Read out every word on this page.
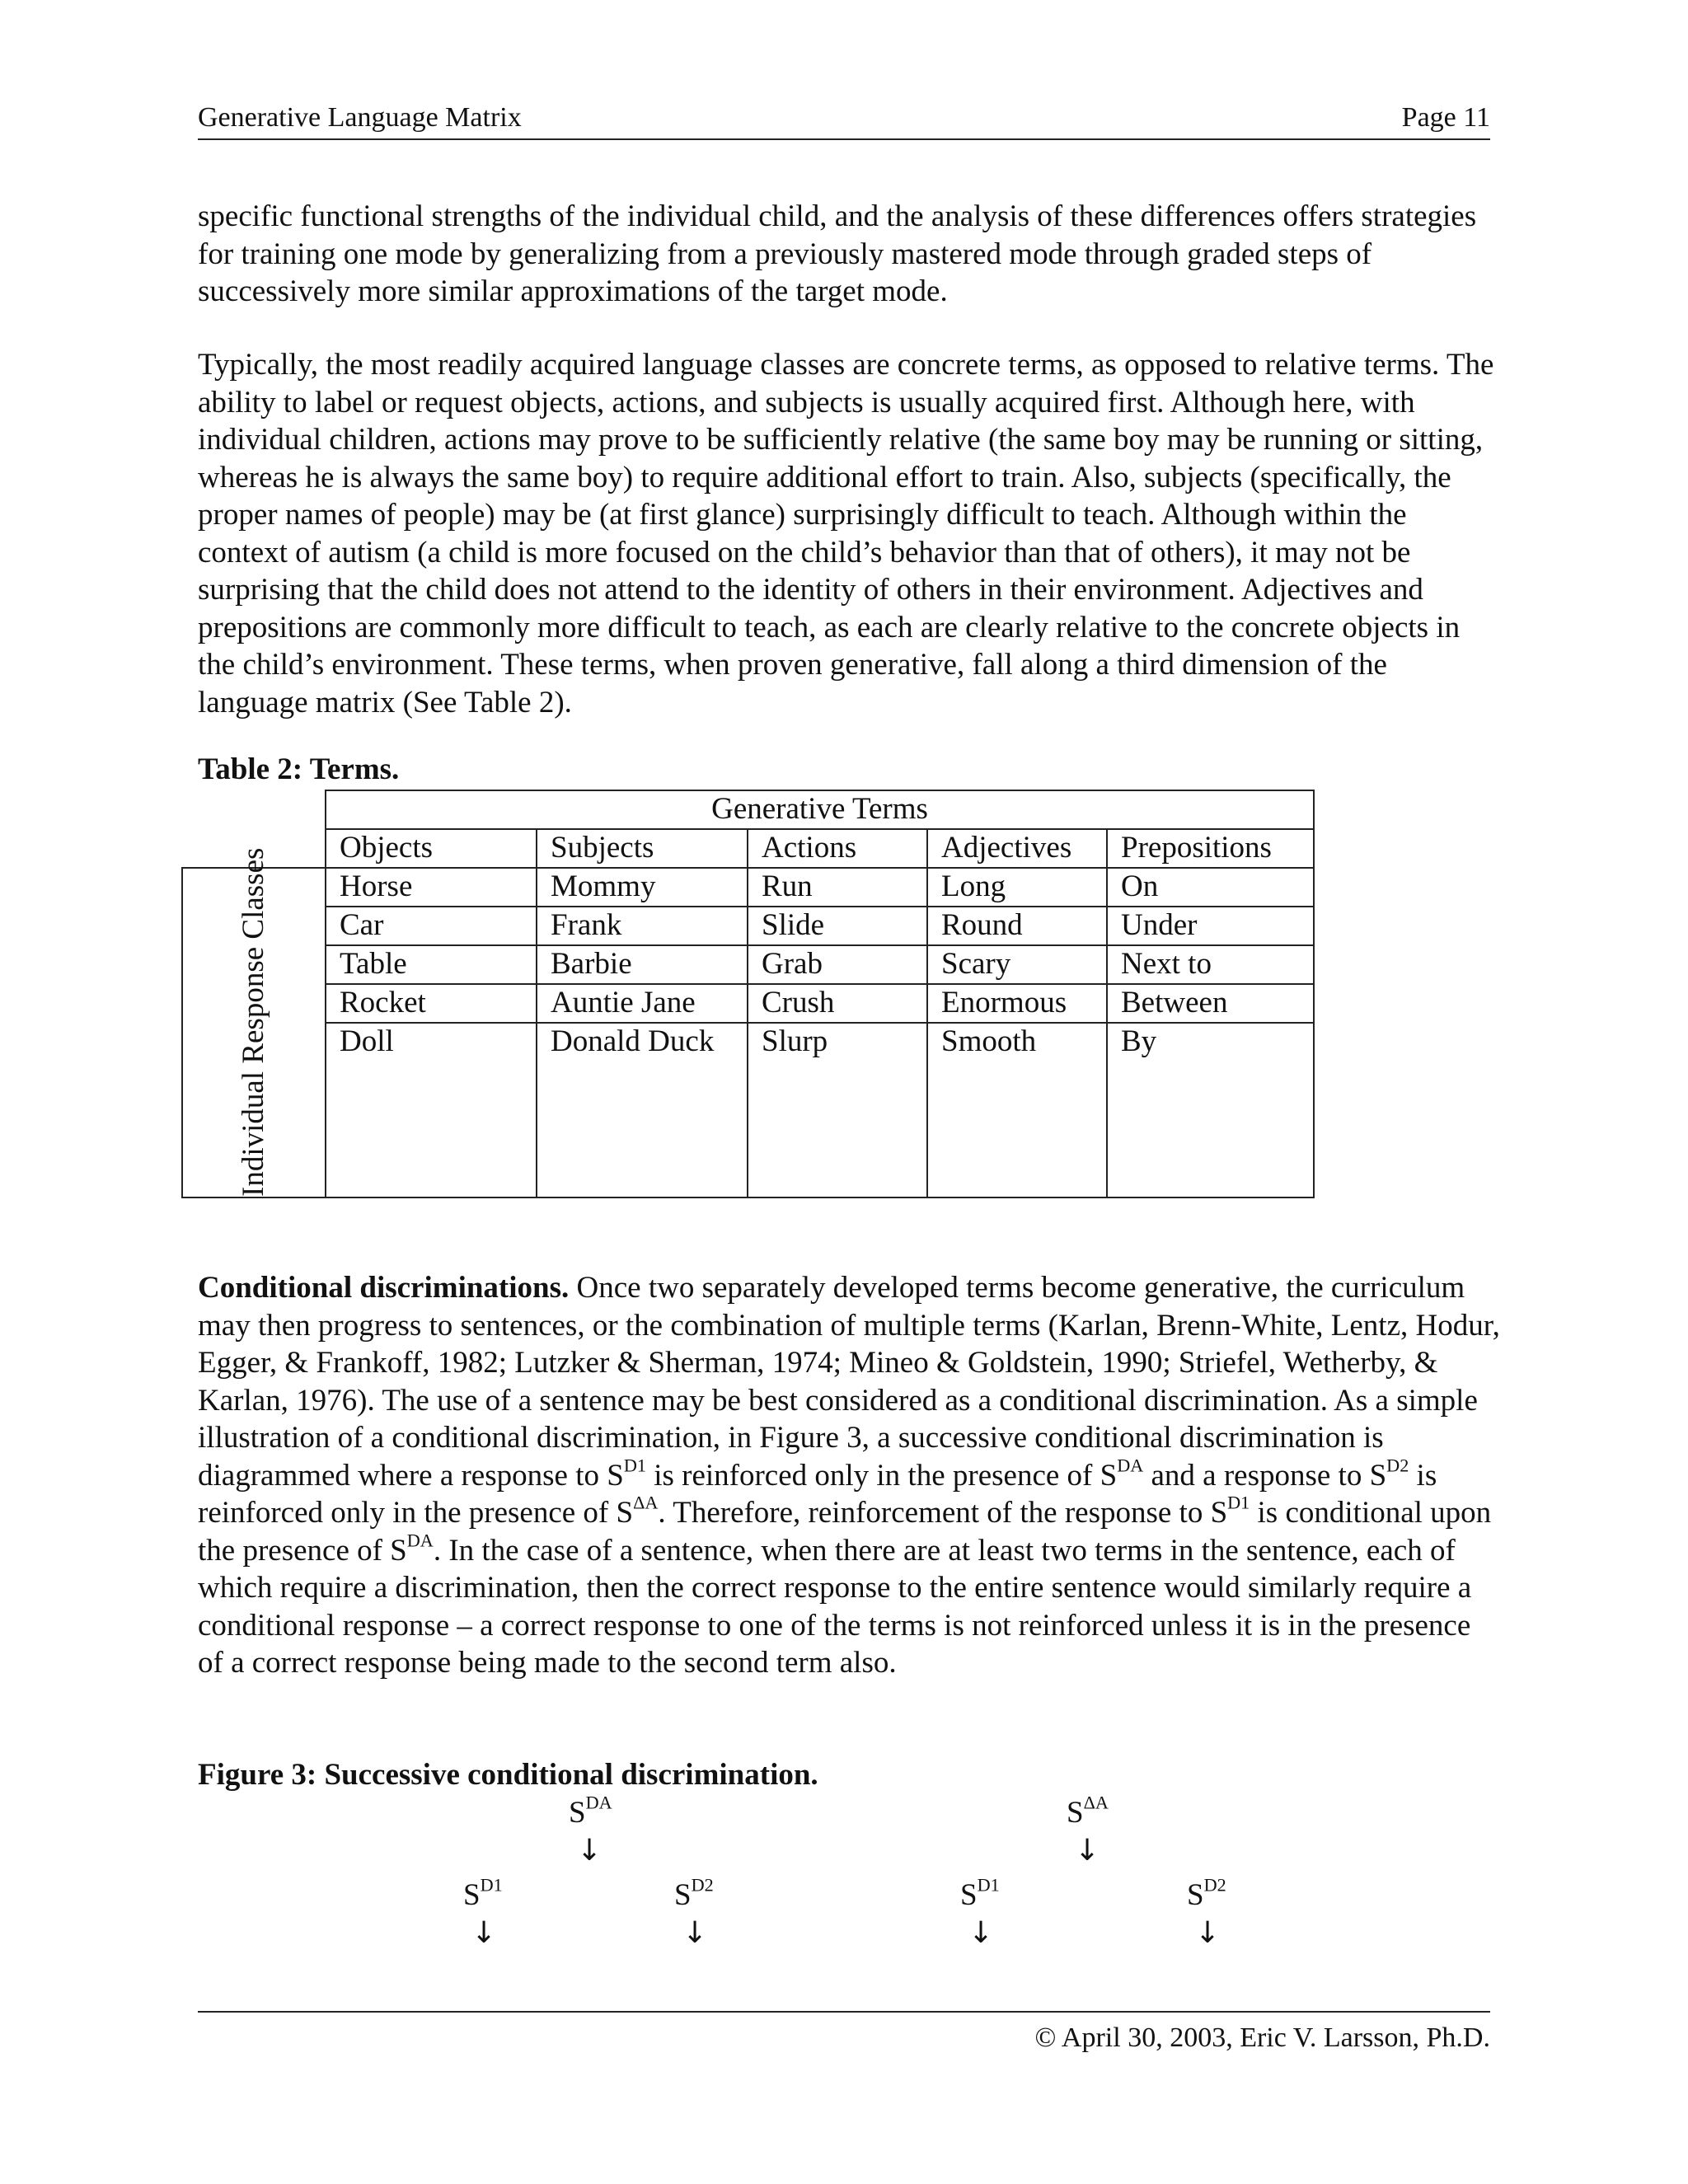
Generative Language Matrix	Page 11

specific functional strengths of the individual child, and the analysis of these differences offers strategies for training one mode by generalizing from a previously mastered mode through graded steps of successively more similar approximations of the target mode.

Typically, the most readily acquired language classes are concrete terms, as opposed to relative terms. The ability to label or request objects, actions, and subjects is usually acquired first. Although here, with individual children, actions may prove to be sufficiently relative (the same boy may be running or sitting, whereas he is always the same boy) to require additional effort to train. Also, subjects (specifically, the proper names of people) may be (at first glance) surprisingly difficult to teach. Although within the context of autism (a child is more focused on the child’s behavior than that of others), it may not be surprising that the child does not attend to the identity of others in their environment. Adjectives and prepositions are commonly more difficult to teach, as each are clearly relative to the concrete objects in the child’s environment. These terms, when proven generative, fall along a third dimension of the language matrix (See Table 2).

Table 2: Terms.

	Generative Terms				
	Objects	Subjects	Actions	Adjectives	Prepositions

Individual Response Classes	Horse	Mommy	Run	Long	On
	Car	Frank	Slide	Round	Under
	Table	Barbie	Grab	Scary	Next to
	Rocket	Auntie Jane	Crush	Enormous	Between
	Doll	Donald Duck	Slurp	Smooth	By

Conditional discriminations. Once two separately developed terms become generative, the curriculum may then progress to sentences, or the combination of multiple terms (Karlan, Brenn-White, Lentz, Hodur, Egger, & Frankoff, 1982; Lutzker & Sherman, 1974; Mineo & Goldstein, 1990; Striefel, Wetherby, & Karlan, 1976). The use of a sentence may be best considered as a conditional discrimination. As a simple illustration of a conditional discrimination, in Figure 3, a successive conditional discrimination is diagrammed where a response to $S^{D1}$ is reinforced only in the presence of $S^{DA}$ and a response to $S^{D2}$ is reinforced only in the presence of $S^{\Delta A}$. Therefore, reinforcement of the response to $S^{D1}$ is conditional upon the presence of $S^{DA}$. In the case of a sentence, when there are at least two terms in the sentence, each of which require a discrimination, then the correct response to the entire sentence would similarly require a conditional response – a correct response to one of the terms is not reinforced unless it is in the presence of a correct response being made to the second term also.

Figure 3: Successive conditional discrimination.

$S^{DA}$
↓
$S^{D1}$
↓
$S^{D2}$
↓
$S^{\Delta A}$
↓
$S^{D1}$
↓
$S^{D2}$
↓
© April 30, 2003, Eric V. Larsson, Ph.D.
